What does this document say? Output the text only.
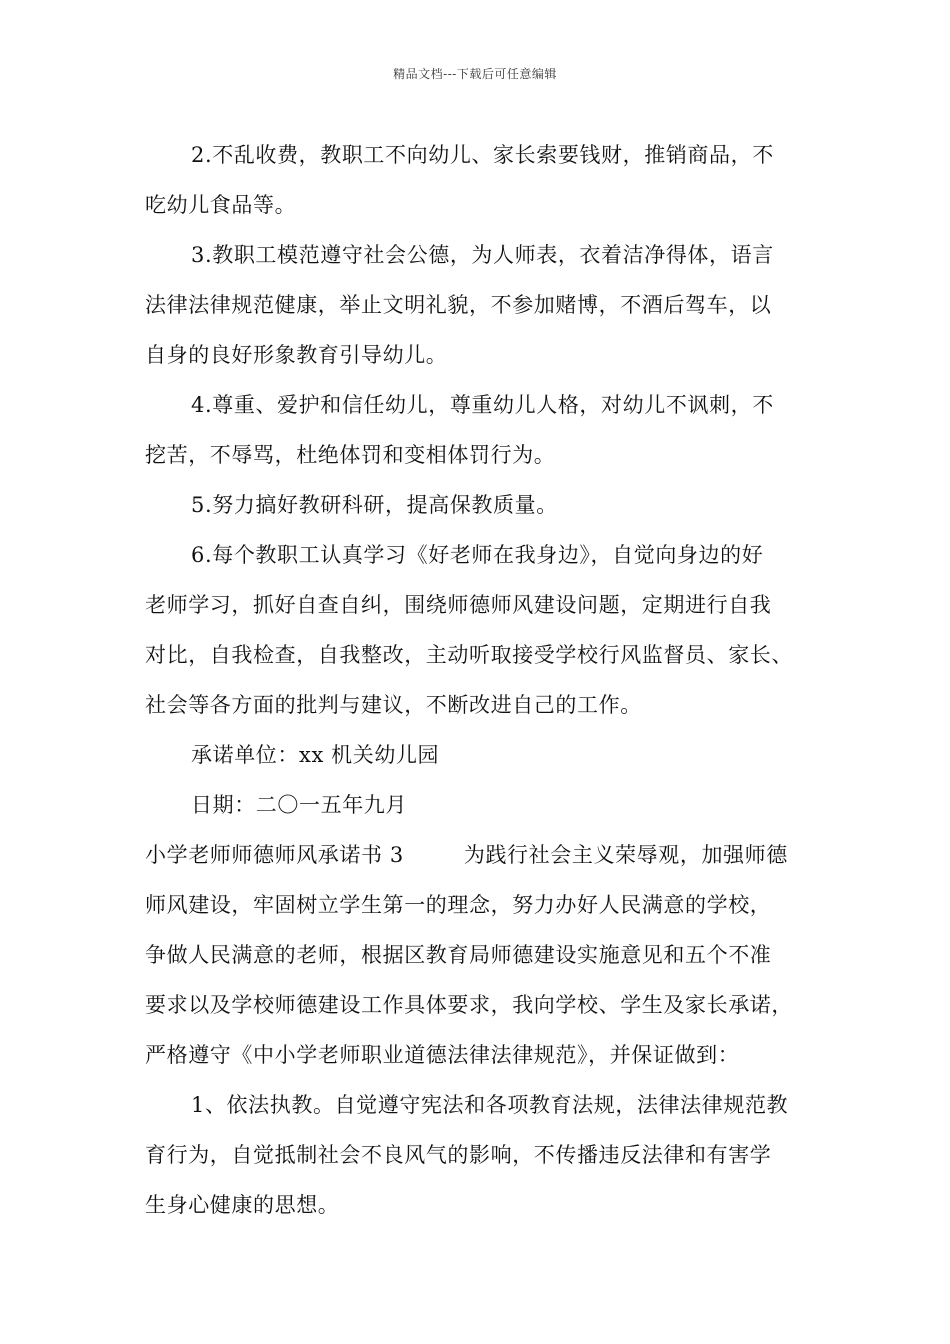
精品文档---下载后可任意编辑
2.不乱收费，教职工不向幼儿、家长索要钱财，推销商品，不
吃幼儿食品等。
3.教职工模范遵守社会公德，为人师表，衣着洁净得体，语言
法律法律规范健康，举止文明礼貌，不参加赌博，不酒后驾车，以
自身的良好形象教育引导幼儿。
4.尊重、爱护和信任幼儿，尊重幼儿人格，对幼儿不讽刺，不
挖苦，不辱骂，杜绝体罚和变相体罚行为。
5.努力搞好教研科研，提高保教质量。
6.每个教职工认真学习《好老师在我身边》，自觉向身边的好
老师学习，抓好自查自纠，围绕师德师风建设问题，定期进行自我
对比，自我检查，自我整改，主动听取接受学校行风监督员、家长、
社会等各方面的批判与建议，不断改进自己的工作。
承诺单位：xx 机关幼儿园
日期：二〇一五年九月
小学老师师德师风承诺书 3	为践行社会主义荣辱观，加强师德
师风建设，牢固树立学生第一的理念，努力办好人民满意的学校，
争做人民满意的老师，根据区教育局师德建设实施意见和五个不准
要求以及学校师德建设工作具体要求，我向学校、学生及家长承诺，
严格遵守《中小学老师职业道德法律法律规范》，并保证做到：
1、依法执教。自觉遵守宪法和各项教育法规，法律法律规范教
育行为，自觉抵制社会不良风气的影响，不传播违反法律和有害学
生身心健康的思想。
